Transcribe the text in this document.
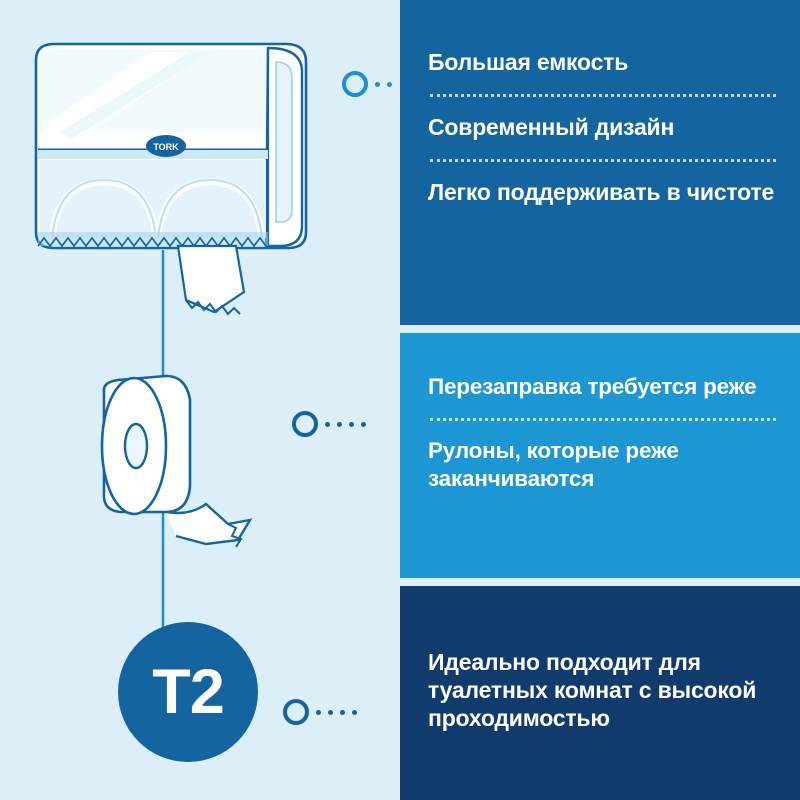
TORK
T2
Большая емкость
Современный дизайн
Легко поддерживать в чистоте
Перезаправка требуется реже
Рулоны, которые реже заканчиваются
Идеально подходит для туалетных комнат с высокой проходимостью
